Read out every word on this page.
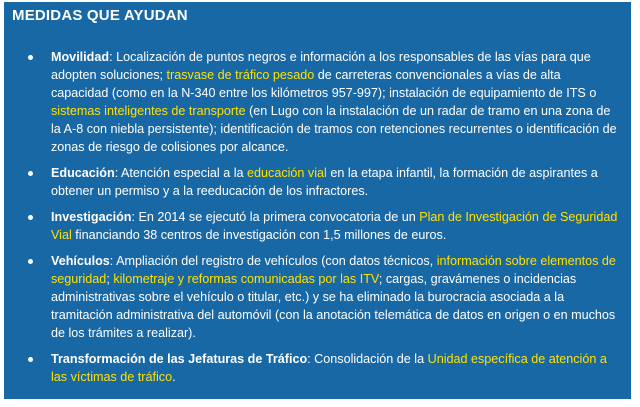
MEDIDAS QUE AYUDAN
Movilidad: Localización de puntos negros e información a los responsables de las vías para que adopten soluciones; trasvase de tráfico pesado de carreteras convencionales a vías de alta capacidad (como en la N-340 entre los kilómetros 957-997); instalación de equipamiento de ITS o sistemas inteligentes de transporte (en Lugo con la instalación de un radar de tramo en una zona de la A-8 con niebla persistente); identificación de tramos con retenciones recurrentes o identificación de zonas de riesgo de colisiones por alcance.
Educación: Atención especial a la educación vial en la etapa infantil, la formación de aspirantes a obtener un permiso y a la reeducación de los infractores.
Investigación: En 2014 se ejecutó la primera convocatoria de un Plan de Investigación de Seguridad Vial financiando 38 centros de investigación con 1,5 millones de euros.
Vehículos: Ampliación del registro de vehículos (con datos técnicos, información sobre elementos de seguridad; kilometraje y reformas comunicadas por las ITV; cargas, gravámenes o incidencias administrativas sobre el vehículo o titular, etc.) y se ha eliminado la burocracia asociada a la tramitación administrativa del automóvil (con la anotación telemática de datos en origen o en muchos de los trámites a realizar).
Transformación de las Jefaturas de Tráfico: Consolidación de la Unidad específica de atención a las víctimas de tráfico.
